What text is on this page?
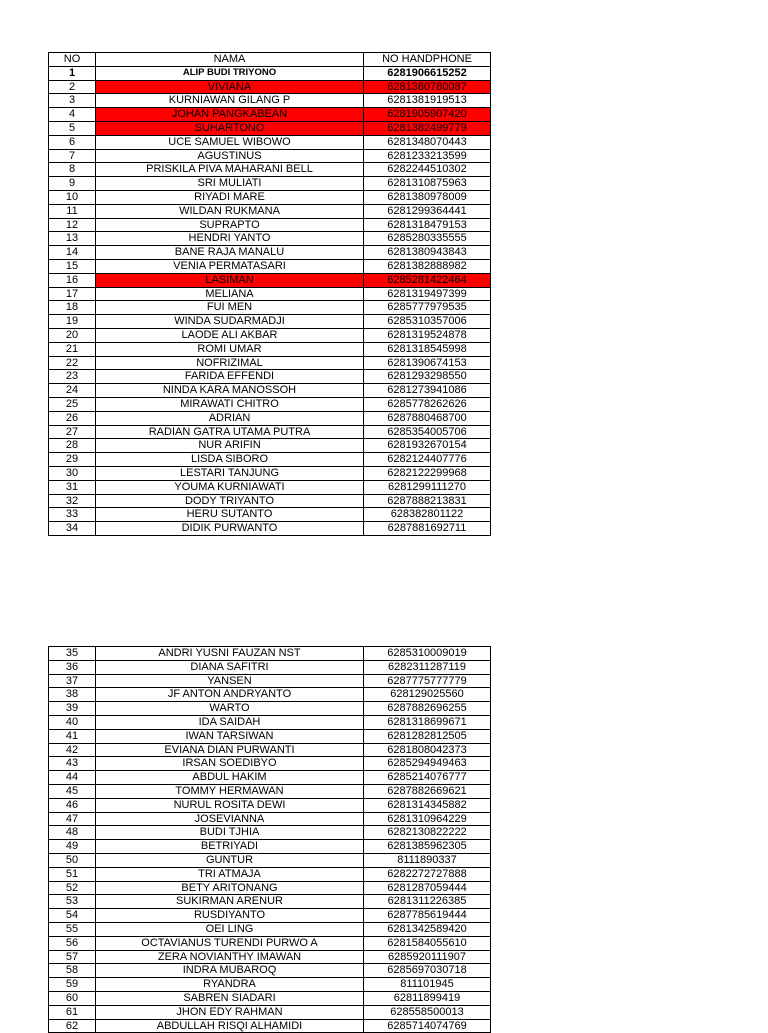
NO	NAMA	NO HANDPHONE
1	ALIP BUDI TRIYONO	6281906615252
2	VIVIANA	6281380780087
3	KURNIAWAN GILANG P	6281381919513
4	JOHAN PANGKABEAN	6281905907420
5	SUHARTONO	6281382499779
6	UCE SAMUEL WIBOWO	6281348070443
7	AGUSTINUS	6281233213599
8	PRISKILA PIVA MAHARANI BELL	6282244510302
9	SRI MULIATI	6281310875963
10	RIYADI MARE	6281380978009
11	WILDAN RUKMANA	6281299364441
12	SUPRAPTO	6281318479153
13	HENDRI YANTO	6285280335555
14	BANE RAJA MANALU	6281380943843
15	VENIA PERMATASARI	6281382888982
16	LASIMAN	6285281422464
17	MELIANA	6281319497399
18	FUI MEN	6285777979535
19	WINDA SUDARMADJI	6285310357006
20	LAODE ALI AKBAR	6281319524878
21	ROMI UMAR	6281318545998
22	NOFRIZIMAL	6281390674153
23	FARIDA EFFENDI	6281293298550
24	NINDA KARA MANOSSOH	6281273941086
25	MIRAWATI CHITRO	6285778262626
26	ADRIAN	6287880468700
27	RADIAN GATRA UTAMA PUTRA	6285354005706
28	NUR ARIFIN	6281932670154
29	LISDA SIBORO	6282124407776
30	LESTARI TANJUNG	6282122299968
31	YOUMA KURNIAWATI	6281299111270
32	DODY TRIYANTO	6287888213831
33	HERU SUTANTO	628382801122
34	DIDIK PURWANTO	6287881692711
35	ANDRI YUSNI FAUZAN NST	6285310009019
36	DIANA SAFITRI	6282311287119
37	YANSEN	6287775777779
38	JF ANTON ANDRYANTO	628129025560
39	WARTO	6287882696255
40	IDA SAIDAH	6281318699671
41	IWAN TARSIWAN	6281282812505
42	EVIANA DIAN PURWANTI	6281808042373
43	IRSAN SOEDIBYO	6285294949463
44	ABDUL HAKIM	6285214076777
45	TOMMY HERMAWAN	6287882669621
46	NURUL ROSITA DEWI	6281314345882
47	JOSEVIANNA	6281310964229
48	BUDI TJHIA	6282130822222
49	BETRIYADI	6281385962305
50	GUNTUR	8111890337
51	TRI ATMAJA	6282272727888
52	BETY ARITONANG	6281287059444
53	SUKIRMAN ARENUR	6281311226385
54	RUSDIYANTO	6287785619444
55	OEI LING	6281342589420
56	OCTAVIANUS TURENDI PURWO A	6281584055610
57	ZERA NOVIANTHY IMAWAN	6285920111907
58	INDRA MUBAROQ	6285697030718
59	RYANDRA	811101945
60	SABREN SIADARI	62811899419
61	JHON EDY RAHMAN	628558500013
62	ABDULLAH RISQI ALHAMIDI	6285714074769
